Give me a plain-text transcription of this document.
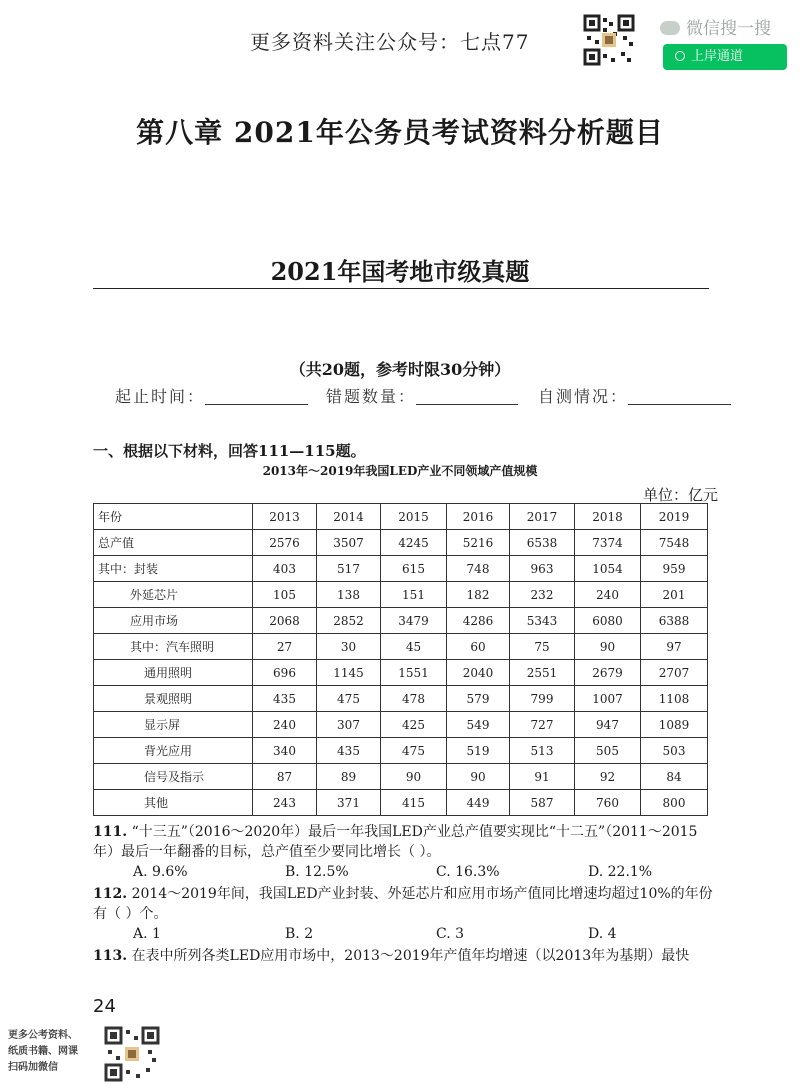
更多资料关注公众号：七点77
微信搜一搜
上岸通道
第八章 2021年公务员考试资料分析题目
2021年国考地市级真题
（共20题，参考时限30分钟）
起止时间：	错题数量：	自测情况：
一、根据以下材料，回答111—115题。
2013年～2019年我国LED产业不同领域产值规模
单位：亿元
年份	2013	2014	2015	2016	2017	2018	2019
总产值	2576	3507	4245	5216	6538	7374	7548
其中：封装	403	517	615	748	963	1054	959
外延芯片	105	138	151	182	232	240	201
应用市场	2068	2852	3479	4286	5343	6080	6388
其中：汽车照明	27	30	45	60	75	90	97
通用照明	696	1145	1551	2040	2551	2679	2707
景观照明	435	475	478	579	799	1007	1108
显示屏	240	307	425	549	727	947	1089
背光应用	340	435	475	519	513	505	503
信号及指示	87	89	90	90	91	92	84
其他	243	371	415	449	587	760	800
111. “十三五”（2016～2020年）最后一年我国LED产业总产值要实现比“十二五”（2011～2015年）最后一年翻番的目标，总产值至少要同比增长（ ）。
A. 9.6%	B. 12.5%	C. 16.3%	D. 22.1%
112. 2014～2019年间，我国LED产业封装、外延芯片和应用市场产值同比增速均超过10%的年份有（ ）个。
A. 1	B. 2	C. 3	D. 4
113. 在表中所列各类LED应用市场中，2013～2019年产值年均增速（以2013年为基期）最快
24
更多公考资料、
纸质书籍、网课
扫码加微信
